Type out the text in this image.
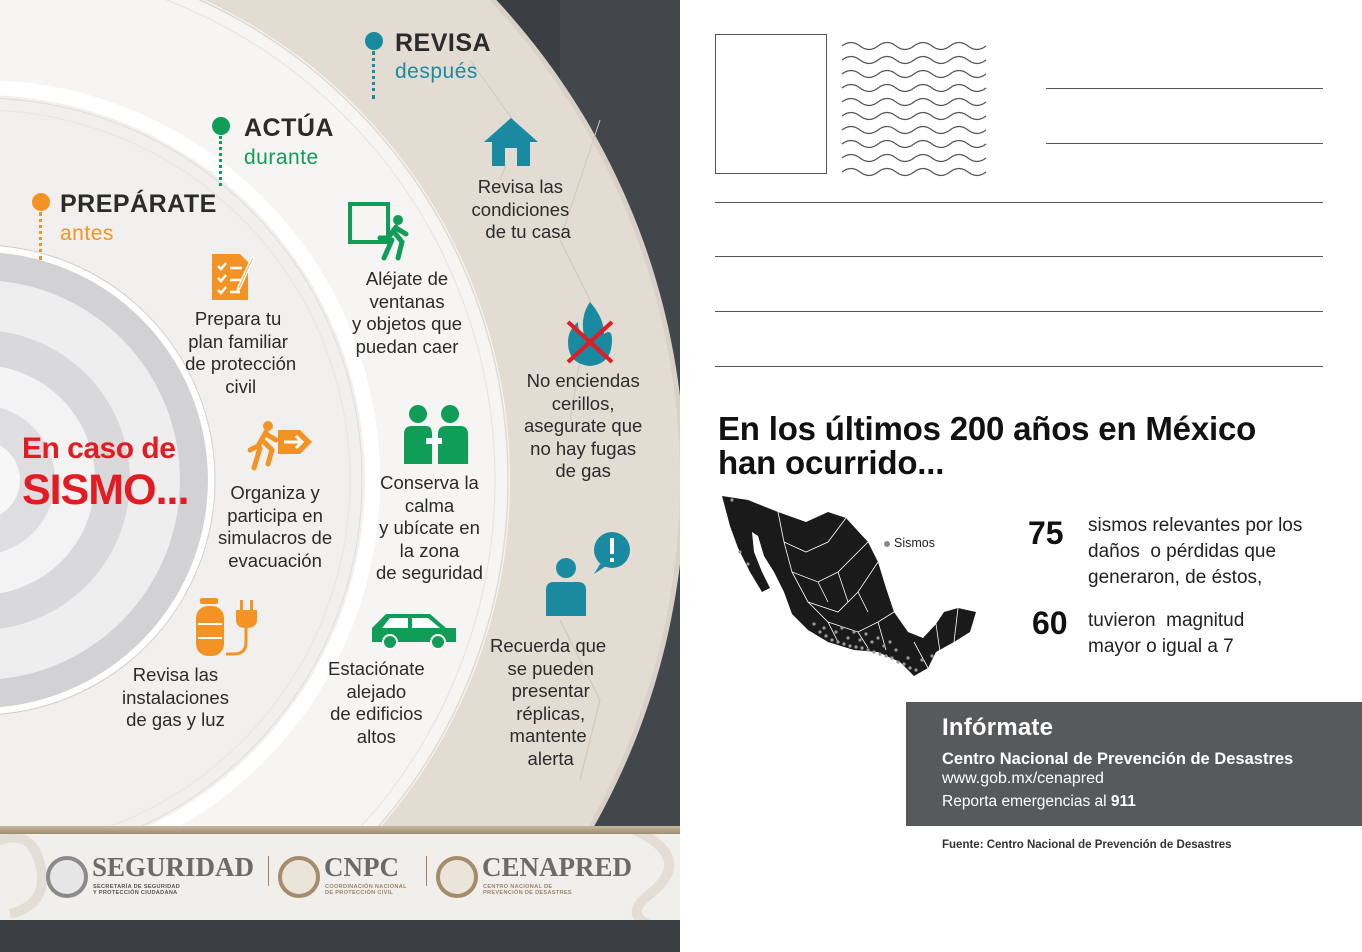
PREPÁRATE
antes
ACTÚA
durante
REVISA
después
En caso de
SISMO...
Prepara tu
plan familiar
de protección
civil
Organiza y
participa en
simulacros de
evacuación
Revisa las
instalaciones
de gas y luz
Aléjate de
ventanas
y objetos que
puedan caer
Conserva la
calma
y ubícate en
la zona
de seguridad
Estaciónate
alejado
de edificios
altos
Revisa las
condiciones
de tu casa
No enciendas
cerillos,
asegurate que
no hay fugas
de gas
Recuerda que
se pueden
presentar
réplicas,
mantente
alerta
SEGURIDAD
SECRETARÍA DE SEGURIDAD
Y PROTECCIÓN CIUDADANA
CNPC
COORDINACIÓN NACIONAL
DE PROTECCIÓN CIVIL
CENAPRED
CENTRO NACIONAL DE
PREVENCIÓN DE DESASTRES
En los últimos 200 años en México
han ocurrido...
Sismos	75 sismos relevantes por los
daños  o pérdidas que
generaron, de éstos,
60 tuvieron  magnitud
mayor o igual a 7
Infórmate
Centro Nacional de Prevención de Desastres
www.gob.mx/cenapred
Reporta emergencias al 911
Fuente: Centro Nacional de Prevención de Desastres
